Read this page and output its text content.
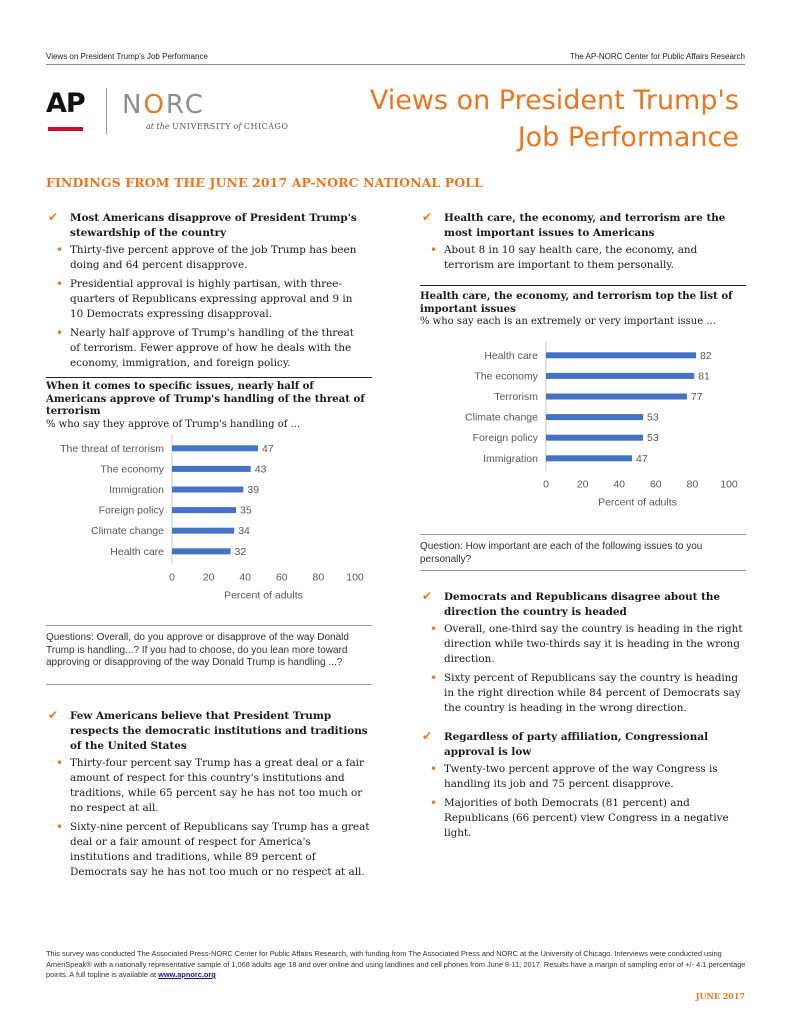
Views on President Trump's Job Performance	The AP-NORC Center for Public Affairs Research
AP NORC
at the UNIVERSITY of CHICAGO
Views on President Trump's
Job Performance
FINDINGS FROM THE JUNE 2017 AP-NORC NATIONAL POLL
✔ Most Americans disapprove of President Trump's stewardship of the country
• Thirty-five percent approve of the job Trump has been doing and 64 percent disapprove.
• Presidential approval is highly partisan, with three-quarters of Republicans expressing approval and 9 in 10 Democrats expressing disapproval.
• Nearly half approve of Trump's handling of the threat of terrorism. Fewer approve of how he deals with the economy, immigration, and foreign policy.
When it comes to specific issues, nearly half of Americans approve of Trump's handling of the threat of terrorism
% who say they approve of Trump's handling of ...
The threat of terrorism	47
The economy	43
Immigration	39
Foreign policy	35
Climate change	34
Health care	32
0	20 40 60 80 100
Percent of adults
Questions: Overall, do you approve or disapprove of the way Donald Trump is handling...? If you had to choose, do you lean more toward approving or disapproving of the way Donald Trump is handling ...?
✔ Few Americans believe that President Trump respects the democratic institutions and traditions of the United States
• Thirty-four percent say Trump has a great deal or a fair amount of respect for this country's institutions and traditions, while 65 percent say he has not too much or no respect at all.
• Sixty-nine percent of Republicans say Trump has a great deal or a fair amount of respect for America's institutions and traditions, while 89 percent of Democrats say he has not too much or no respect at all.
✔ Health care, the economy, and terrorism are the most important issues to Americans
• About 8 in 10 say health care, the economy, and terrorism are important to them personally.
Health care, the economy, and terrorism top the list of important issues
% who say each is an extremely or very important issue ...
Health care	82
The economy	81
Terrorism	77
Climate change	53
Foreign policy	53
Immigration	47
0	20 40 60 80 100
Percent of adults
Question: How important are each of the following issues to you personally?
✔ Democrats and Republicans disagree about the direction the country is headed
• Overall, one-third say the country is heading in the right direction while two-thirds say it is heading in the wrong direction.
• Sixty percent of Republicans say the country is heading in the right direction while 84 percent of Democrats say the country is heading in the wrong direction.
✔ Regardless of party affiliation, Congressional approval is low
• Twenty-two percent approve of the way Congress is handling its job and 75 percent disapprove.
• Majorities of both Democrats (81 percent) and Republicans (66 percent) view Congress in a negative light.
This survey was conducted The Associated Press-NORC Center for Public Affairs Research, with funding from The Associated Press and NORC at the University of Chicago. Interviews were conducted using AmeriSpeak® with a nationally representative sample of 1,068 adults age 18 and over online and using landlines and cell phones from June 8-11, 2017. Results have a margin of sampling error of +/- 4.1 percentage points. A full topline is available at www.apnorc.org
JUNE 2017
